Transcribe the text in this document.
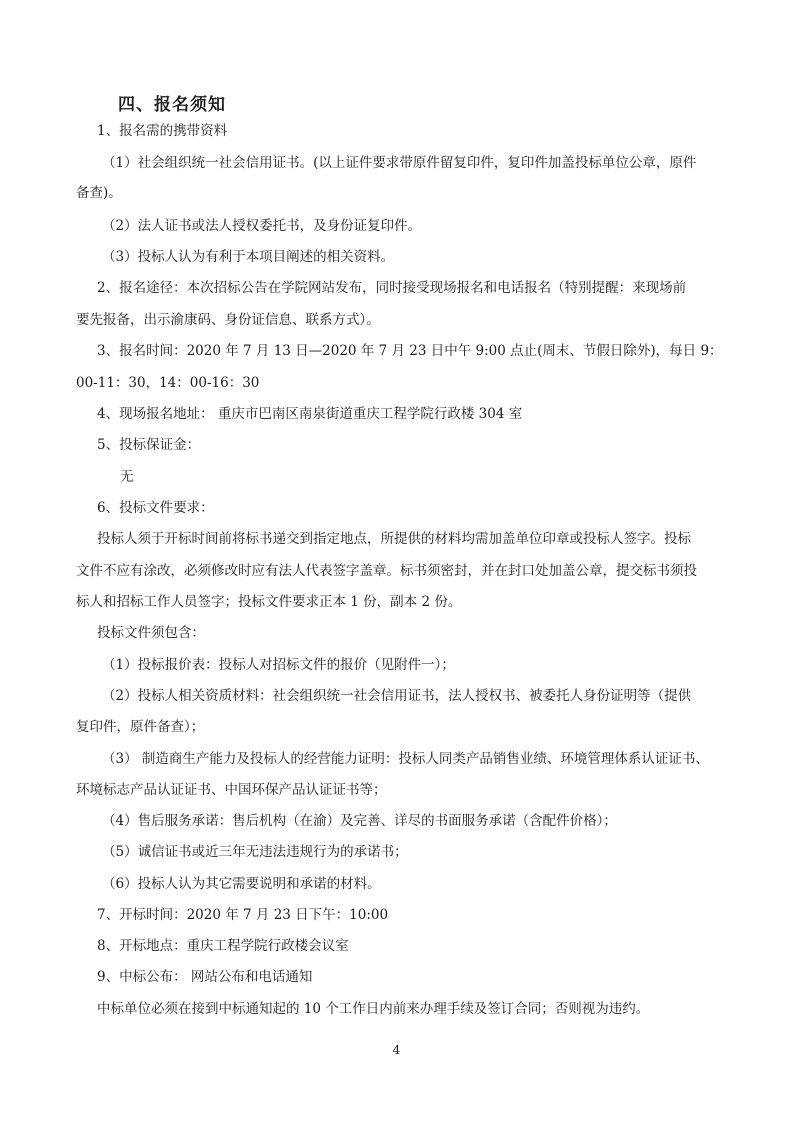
四、报名须知
1、报名需的携带资料
（1）社会组织统一社会信用证书。(以上证件要求带原件留复印件，复印件加盖投标单位公章，原件
备查)。
（2）法人证书或法人授权委托书，及身份证复印件。
（3）投标人认为有利于本项目阐述的相关资料。
2、报名途径：本次招标公告在学院网站发布，同时接受现场报名和电话报名（特别提醒：来现场前
要先报备，出示渝康码、身份证信息、联系方式）。
3、报名时间：2020 年 7 月 13 日—2020 年 7 月 23 日中午 9:00 点止(周末、节假日除外)，每日 9：
00-11：30，14：00-16：30
4、现场报名地址： 重庆市巴南区南泉街道重庆工程学院行政楼 304 室
5、投标保证金：
无
6、投标文件要求：
投标人须于开标时间前将标书递交到指定地点，所提供的材料均需加盖单位印章或投标人签字。投标
文件不应有涂改，必须修改时应有法人代表签字盖章。标书须密封，并在封口处加盖公章，提交标书须投
标人和招标工作人员签字；投标文件要求正本 1 份，副本 2 份。
投标文件须包含：
（1）投标报价表：投标人对招标文件的报价（见附件一）；
（2）投标人相关资质材料：社会组织统一社会信用证书，法人授权书、被委托人身份证明等（提供
复印件，原件备查）；
（3） 制造商生产能力及投标人的经营能力证明：投标人同类产品销售业绩、环境管理体系认证证书、
环境标志产品认证证书、中国环保产品认证证书等；
（4）售后服务承诺：售后机构（在渝）及完善、详尽的书面服务承诺（含配件价格）；
（5）诚信证书或近三年无违法违规行为的承诺书；
（6）投标人认为其它需要说明和承诺的材料。
7、开标时间：2020 年 7 月 23 日下午：10:00
8、开标地点：重庆工程学院行政楼会议室
9、中标公布： 网站公布和电话通知
中标单位必须在接到中标通知起的 10 个工作日内前来办理手续及签订合同；否则视为违约。
4
